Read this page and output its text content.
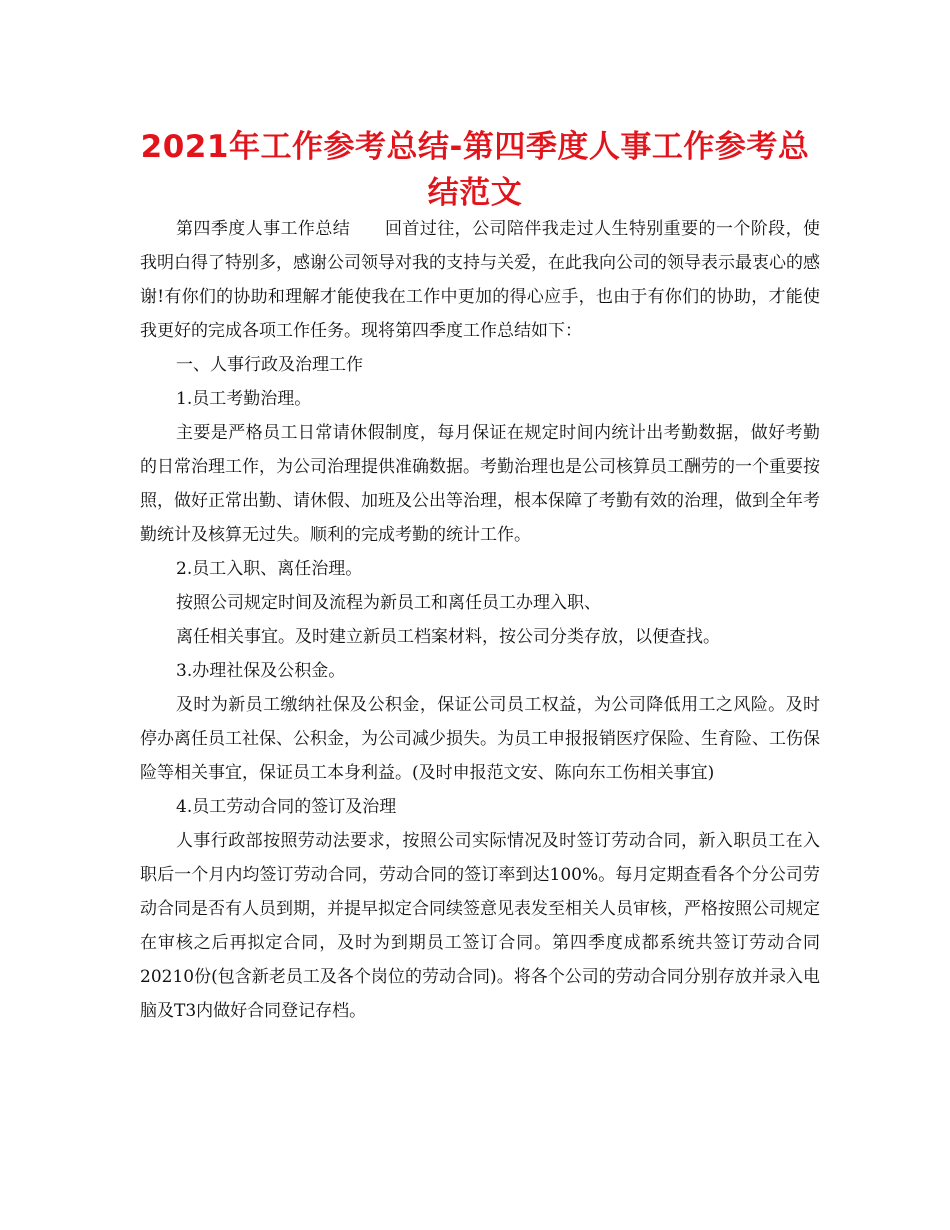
2021年工作参考总结-第四季度人事工作参考总结范文

第四季度人事工作总结　　回首过往，公司陪伴我走过人生特别重要的一个阶段，使我明白得了特别多，感谢公司领导对我的支持与关爱，在此我向公司的领导表示最衷心的感谢!有你们的协助和理解才能使我在工作中更加的得心应手，也由于有你们的协助，才能使我更好的完成各项工作任务。现将第四季度工作总结如下：

一、人事行政及治理工作

1.员工考勤治理。

主要是严格员工日常请休假制度，每月保证在规定时间内统计出考勤数据，做好考勤的日常治理工作，为公司治理提供准确数据。考勤治理也是公司核算员工酬劳的一个重要按照，做好正常出勤、请休假、加班及公出等治理，根本保障了考勤有效的治理，做到全年考勤统计及核算无过失。顺利的完成考勤的统计工作。

2.员工入职、离任治理。

按照公司规定时间及流程为新员工和离任员工办理入职、

离任相关事宜。及时建立新员工档案材料，按公司分类存放，以便查找。

3.办理社保及公积金。

及时为新员工缴纳社保及公积金，保证公司员工权益，为公司降低用工之风险。及时停办离任员工社保、公积金，为公司减少损失。为员工申报报销医疗保险、生育险、工伤保险等相关事宜，保证员工本身利益。(及时申报范文安、陈向东工伤相关事宜)

4.员工劳动合同的签订及治理

人事行政部按照劳动法要求，按照公司实际情况及时签订劳动合同，新入职员工在入职后一个月内均签订劳动合同，劳动合同的签订率到达100%。每月定期查看各个分公司劳动合同是否有人员到期，并提早拟定合同续签意见表发至相关人员审核，严格按照公司规定在审核之后再拟定合同，及时为到期员工签订合同。第四季度成都系统共签订劳动合同20210份(包含新老员工及各个岗位的劳动合同)。将各个公司的劳动合同分别存放并录入电脑及T3内做好合同登记存档。
